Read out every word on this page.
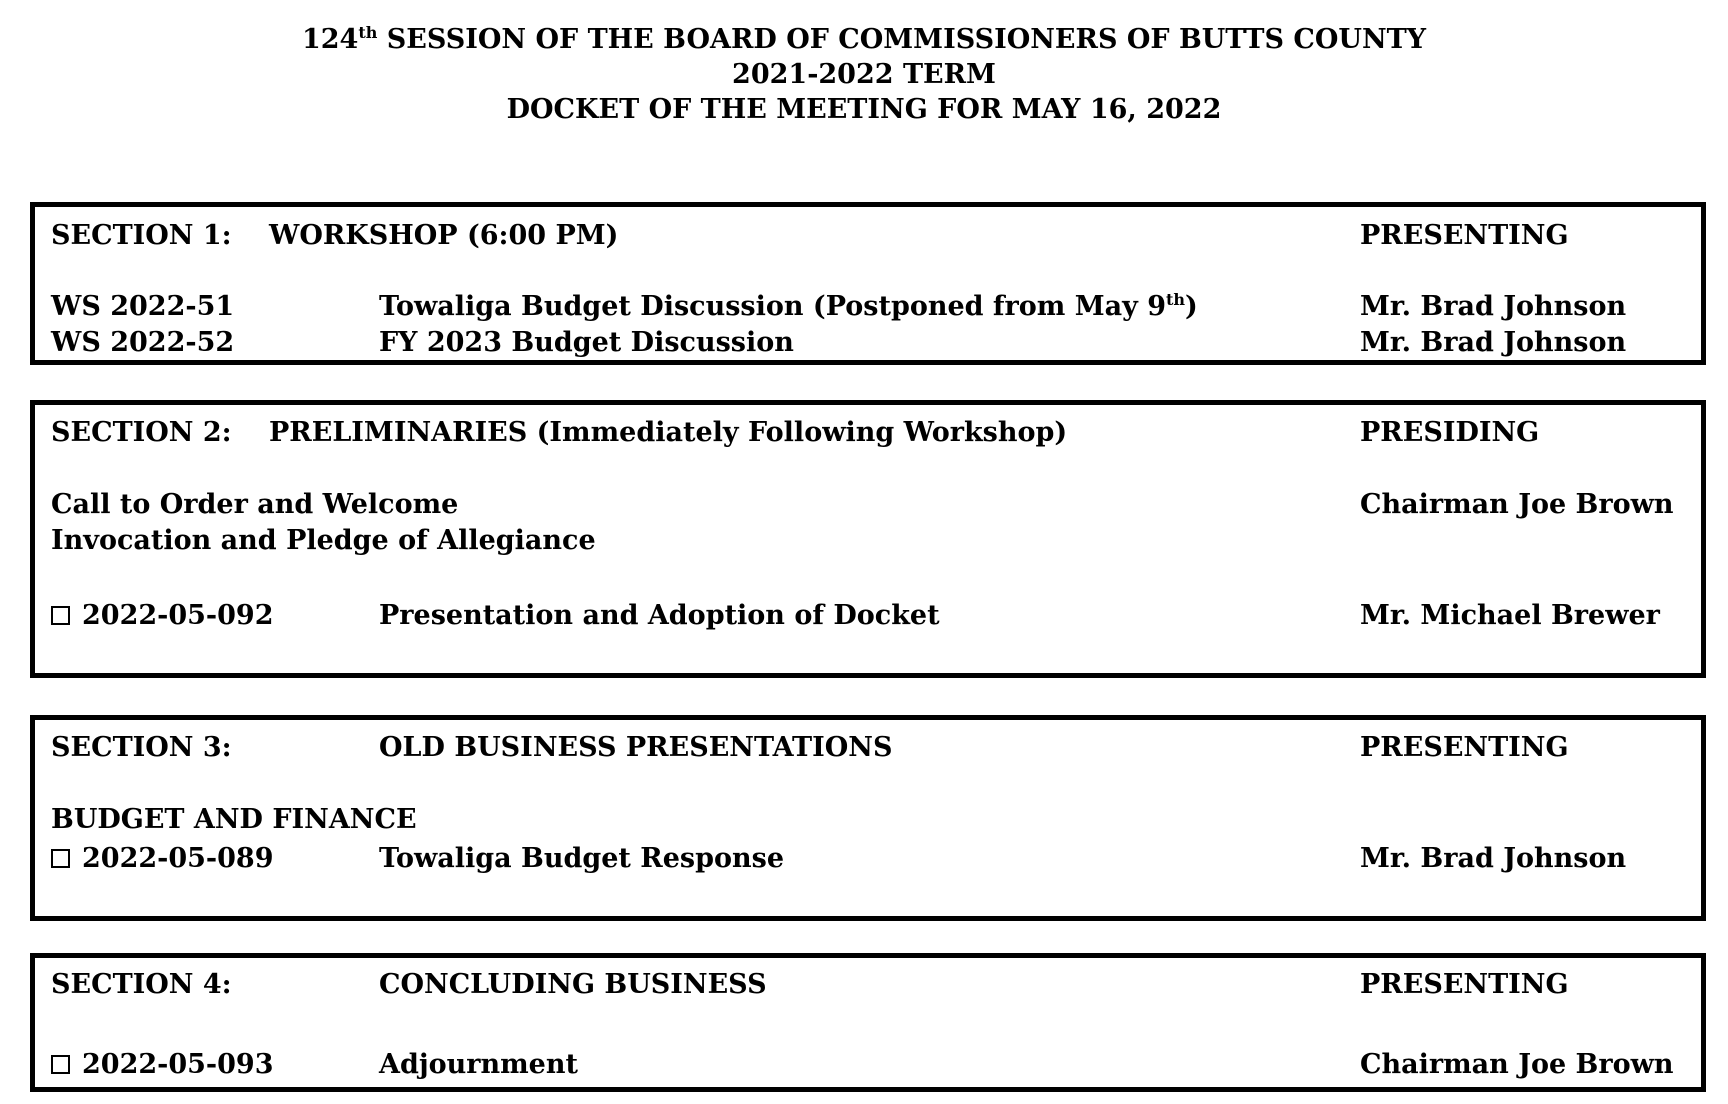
124th SESSION OF THE BOARD OF COMMISSIONERS OF BUTTS COUNTY
2021-2022 TERM
DOCKET OF THE MEETING FOR MAY 16, 2022
SECTION 1: WORKSHOP (6:00 PM)	PRESENTING
WS 2022-51	Towaliga Budget Discussion (Postponed from May 9th)	Mr. Brad Johnson
WS 2022-52	FY 2023 Budget Discussion	Mr. Brad Johnson
SECTION 2: PRELIMINARIES (Immediately Following Workshop)	PRESIDING
Call to Order and Welcome	Chairman Joe Brown
Invocation and Pledge of Allegiance
2022-05-092	Presentation and Adoption of Docket	Mr. Michael Brewer
SECTION 3:	OLD BUSINESS PRESENTATIONS	PRESENTING
BUDGET AND FINANCE
2022-05-089	Towaliga Budget Response	Mr. Brad Johnson
SECTION 4:	CONCLUDING BUSINESS	PRESENTING
2022-05-093	Adjournment	Chairman Joe Brown
